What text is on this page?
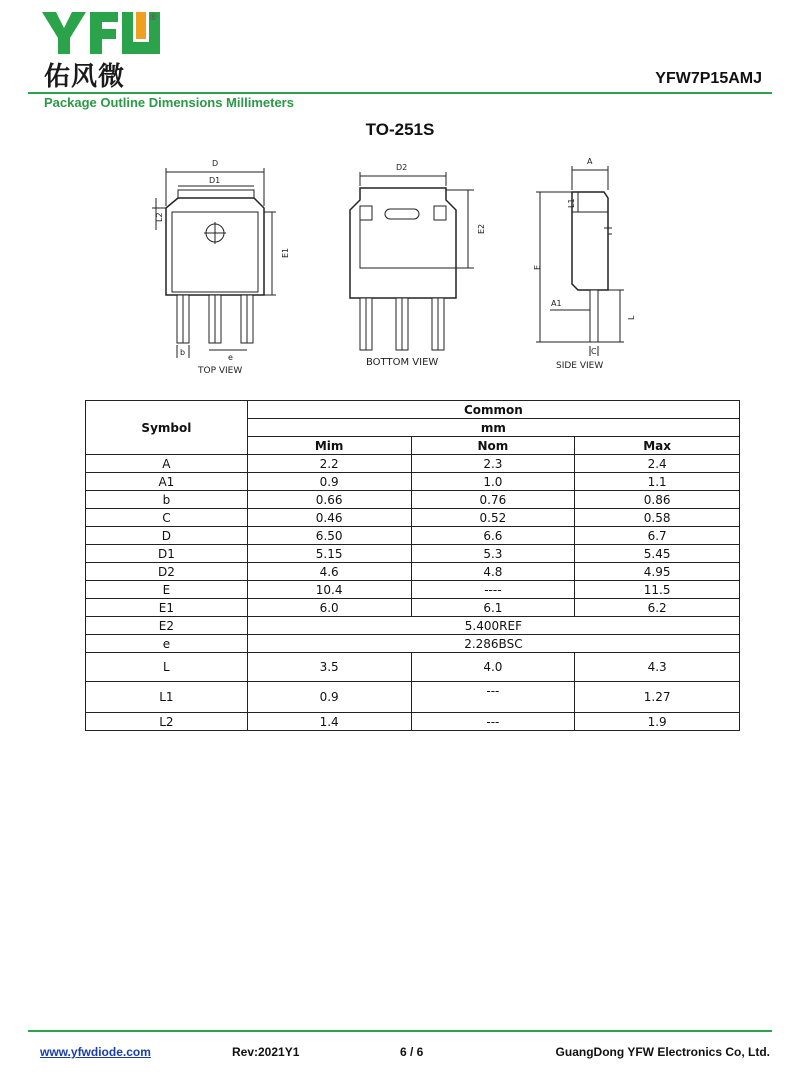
®
佑风微	YFW7P15AMJ
Package Outline Dimensions Millimeters
TO-251S
D
D1
L2
E1
b
e
D2
E2
A
E
L1
A1
L
C
TOP VIEW
BOTTOM VIEW	SIDE VIEW
Symbol	Common		
	mm		
	Mim	Nom	Max
A	2.2	2.3	2.4
A1	0.9	1.0	1.1
b	0.66	0.76	0.86
C	0.46	0.52	0.58
D	6.50	6.6	6.7
D1	5.15	5.3	5.45
D2	4.6	4.8	4.95
E	10.4	----	11.5
E1	6.0	6.1	6.2
E2	5.400REF		
e	2.286BSC		
L	3.5	4.0	4.3
L1	0.9	---	1.27
L2	1.4	---	1.9
www.yfwdiode.com	Rev:2021Y1	6 / 6	GuangDong YFW Electronics Co, Ltd.
